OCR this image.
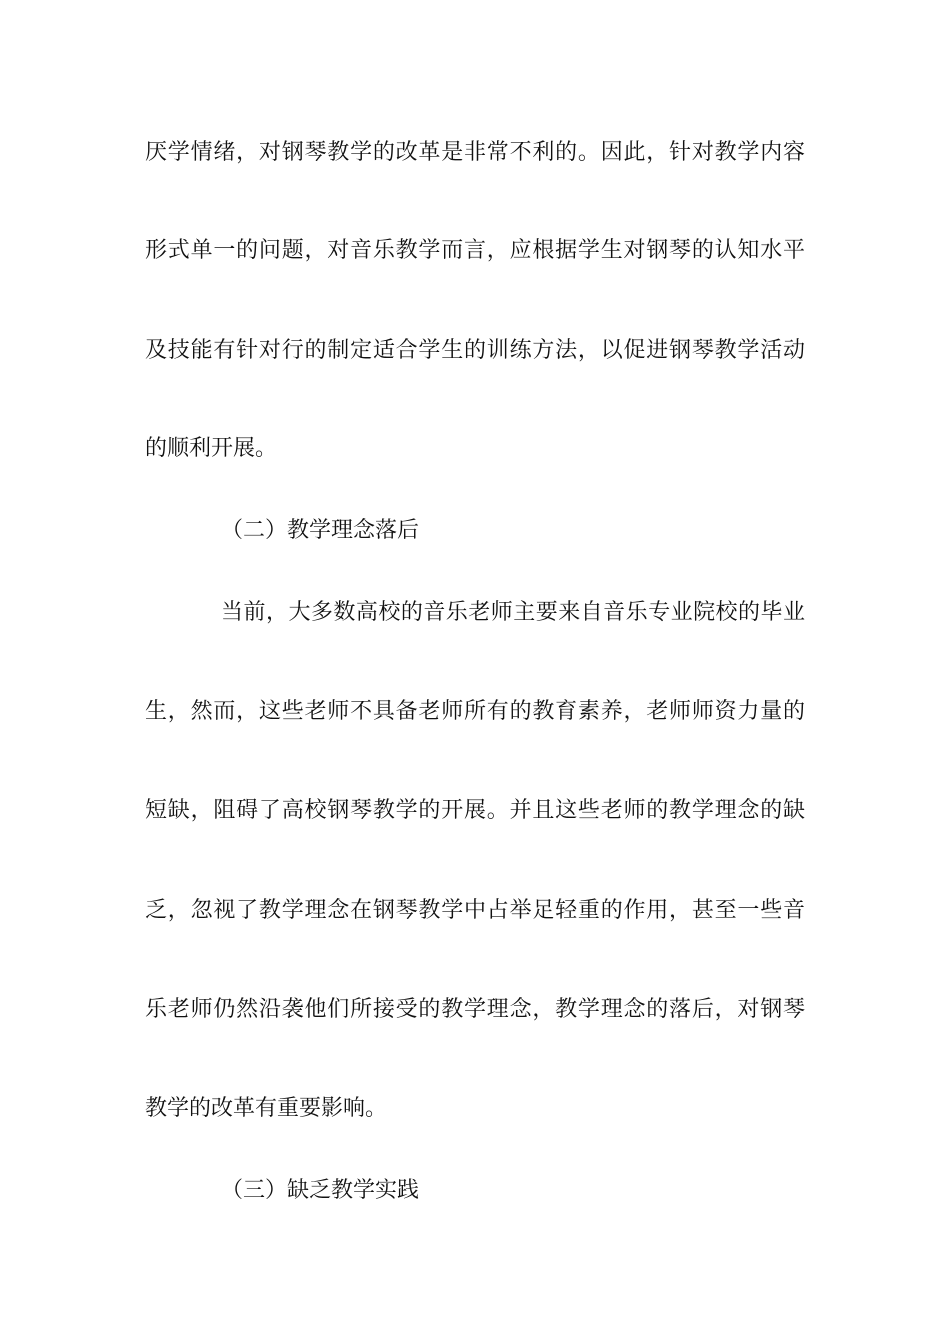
厌学情绪，对钢琴教学的改革是非常不利的。因此，针对教学内容
形式单一的问题，对音乐教学而言，应根据学生对钢琴的认知水平
及技能有针对行的制定适合学生的训练方法，以促进钢琴教学活动
的顺利开展。
（二）教学理念落后
当前，大多数高校的音乐老师主要来自音乐专业院校的毕业
生，然而，这些老师不具备老师所有的教育素养，老师师资力量的
短缺，阻碍了高校钢琴教学的开展。并且这些老师的教学理念的缺
乏，忽视了教学理念在钢琴教学中占举足轻重的作用，甚至一些音
乐老师仍然沿袭他们所接受的教学理念，教学理念的落后，对钢琴
教学的改革有重要影响。
（三）缺乏教学实践
